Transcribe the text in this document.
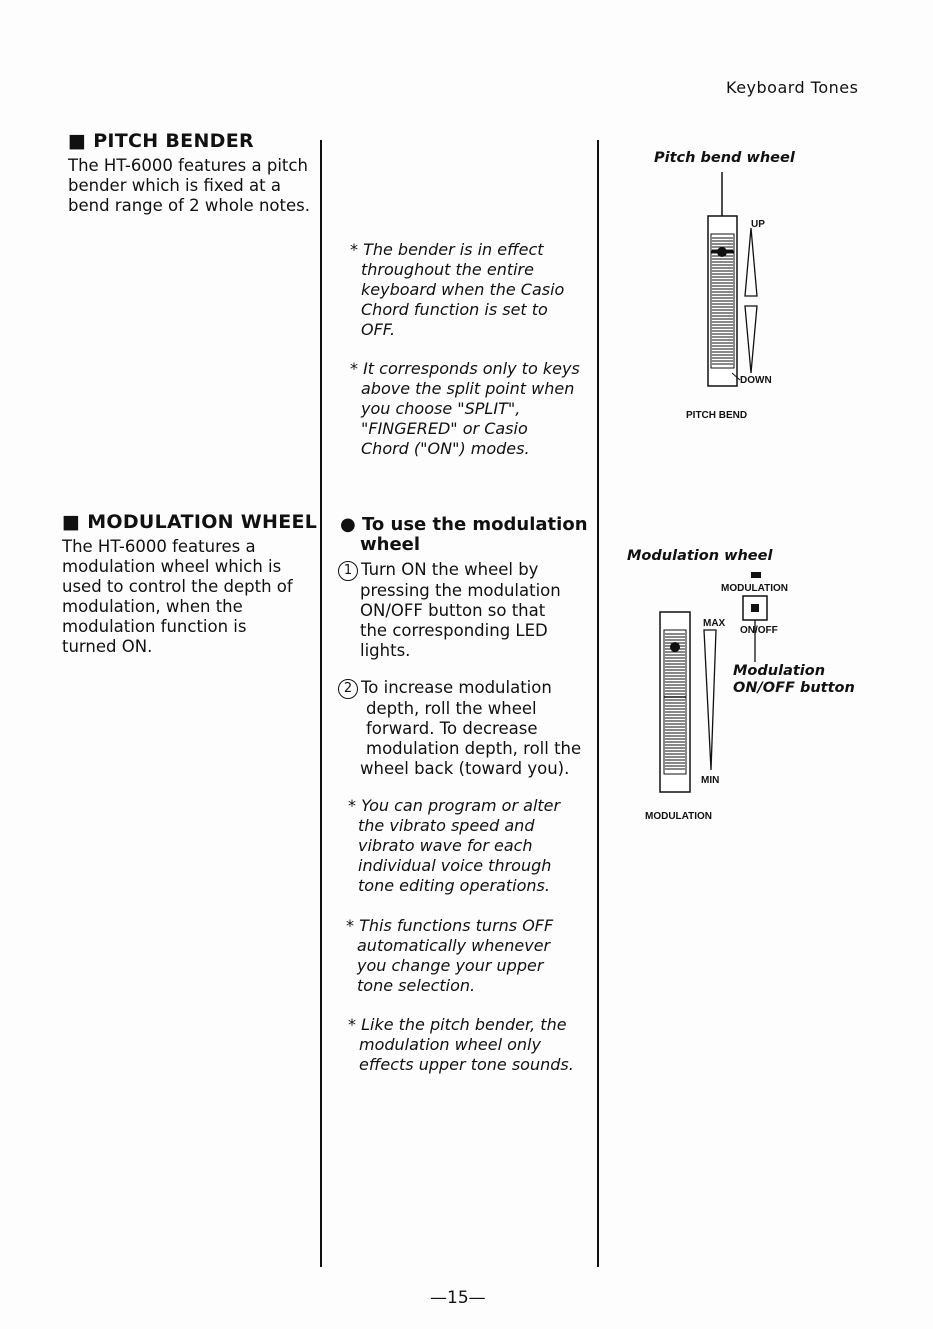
Keyboard Tones
■ PITCH BENDER
The HT-6000 features a pitch
bender which is fixed at a
bend range of 2 whole notes.
■ MODULATION WHEEL
The HT-6000 features a
modulation wheel which is
used to control the depth of
modulation, when the
modulation function is
turned ON.
* The bender is in effect
throughout the entire
keyboard when the Casio
Chord function is set to
OFF.
* It corresponds only to keys
above the split point when
you choose "SPLIT",
"FINGERED" or Casio
Chord ("ON") modes.
● To use the modulation
wheel
1 Turn ON the wheel by
pressing the modulation
ON/OFF button so that
the corresponding LED
lights.
2 To increase modulation
depth, roll the wheel
forward. To decrease
modulation depth, roll the
wheel back (toward you).
* You can program or alter
the vibrato speed and
vibrato wave for each
individual voice through
tone editing operations.
* This functions turns OFF
automatically whenever
you change your upper
tone selection.
* Like the pitch bender, the
modulation wheel only
effects upper tone sounds.
Pitch bend wheel
UP
DOWN
PITCH BEND
Modulation wheel
MODULATION
MAX
ON/OFF
Modulation
ON/OFF button
MIN
MODULATION
—15—
